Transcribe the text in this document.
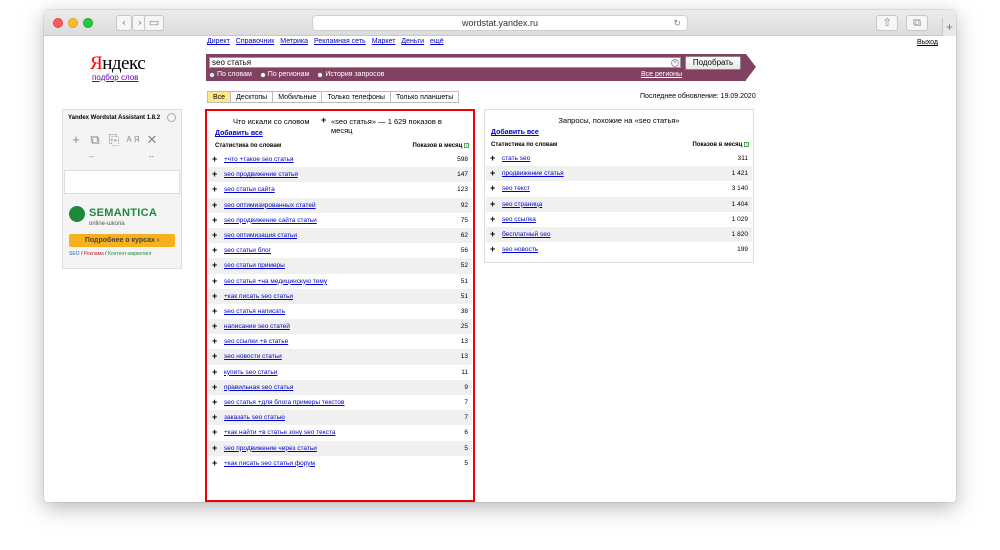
‹	› ▭	wordstat.yandex.ru	↻	⇧	⧉	+
Яндекс
подбор слов
Директ Справочник Метрика Рекламная сеть Маркет Деньги ещё	Выход
seo статья	×	Подобрать
По словам По регионам История запросов	Все регионы
Все	Десктопы	Мобильные	Только телефоны	Только планшеты	Последнее обновление: 19.09.2020
Yandex Wordstat Assistant 1.8.2
+ ⧉ ⎘ А Я ✕
--	--
SEMANTICA
online-школа
Подробнее о курсах ›
SEO / Реклама / Контент-маркетинг
Что искали со словом + «seo статья» — 1 629 показов в месяц
Добавить все
Статистика по словам	Показов в месяц ?
+ +что +такое seo статья	598
+ seo продвижение статья	147
+ seo статьи сайта	123
+ seo оптимизированных статей	92
+ seo продвижение сайта статьи	75
+ seo оптимизация статьи	62
+ seo статьи блог	56
+ seo статьи примеры	52
+ seo статья +на медицинскую тему	51
+ +как писать seo статьи	51
+ seo статья написать	38
+ написание seo статей	25
+ seo ссылки +в статье	13
+ seo новости статьи	13
+ купить seo статьи	11
+ правильная seo статья	9
+ seo статья +для блога примеры текстов	7
+ заказать seo статью	7
+ +как найти +в статье зону seo текста	6
+ seo продвижение через статьи	5
+ +как писать seo статьи форум	5
Запросы, похожие на «seo статья»
Добавить все
Статистика по словам	Показов в месяц ?
+ стать seo	311
+ продвижение статья	1 421
+ seo текст	3 140
+ seo страница	1 404
+ seo ссылка	1 029
+ бесплатный seo	1 820
+ seo новость	199
